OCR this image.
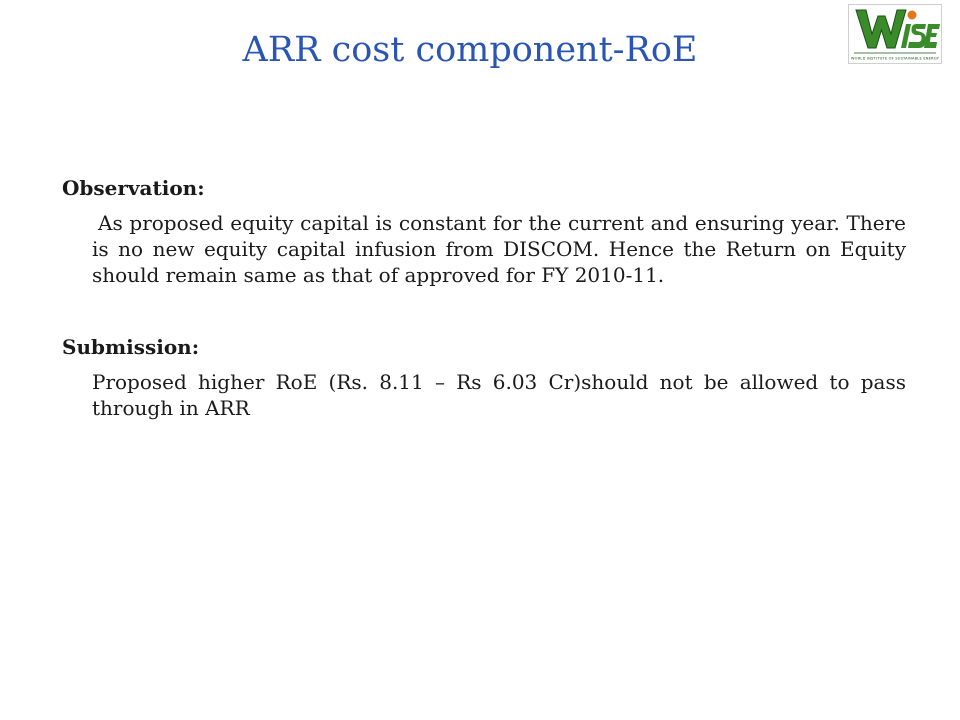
ARR cost component-RoE	WORLD INSTITUTE OF SUSTAINABLE ENERGY

Observation:

As proposed equity capital is constant for the current and ensuring year. There is no new equity capital infusion from DISCOM. Hence the Return on Equity should remain same as that of approved for FY 2010-11.

Submission:

Proposed higher RoE (Rs. 8.11 – Rs 6.03 Cr)should not be allowed to pass through in ARR
